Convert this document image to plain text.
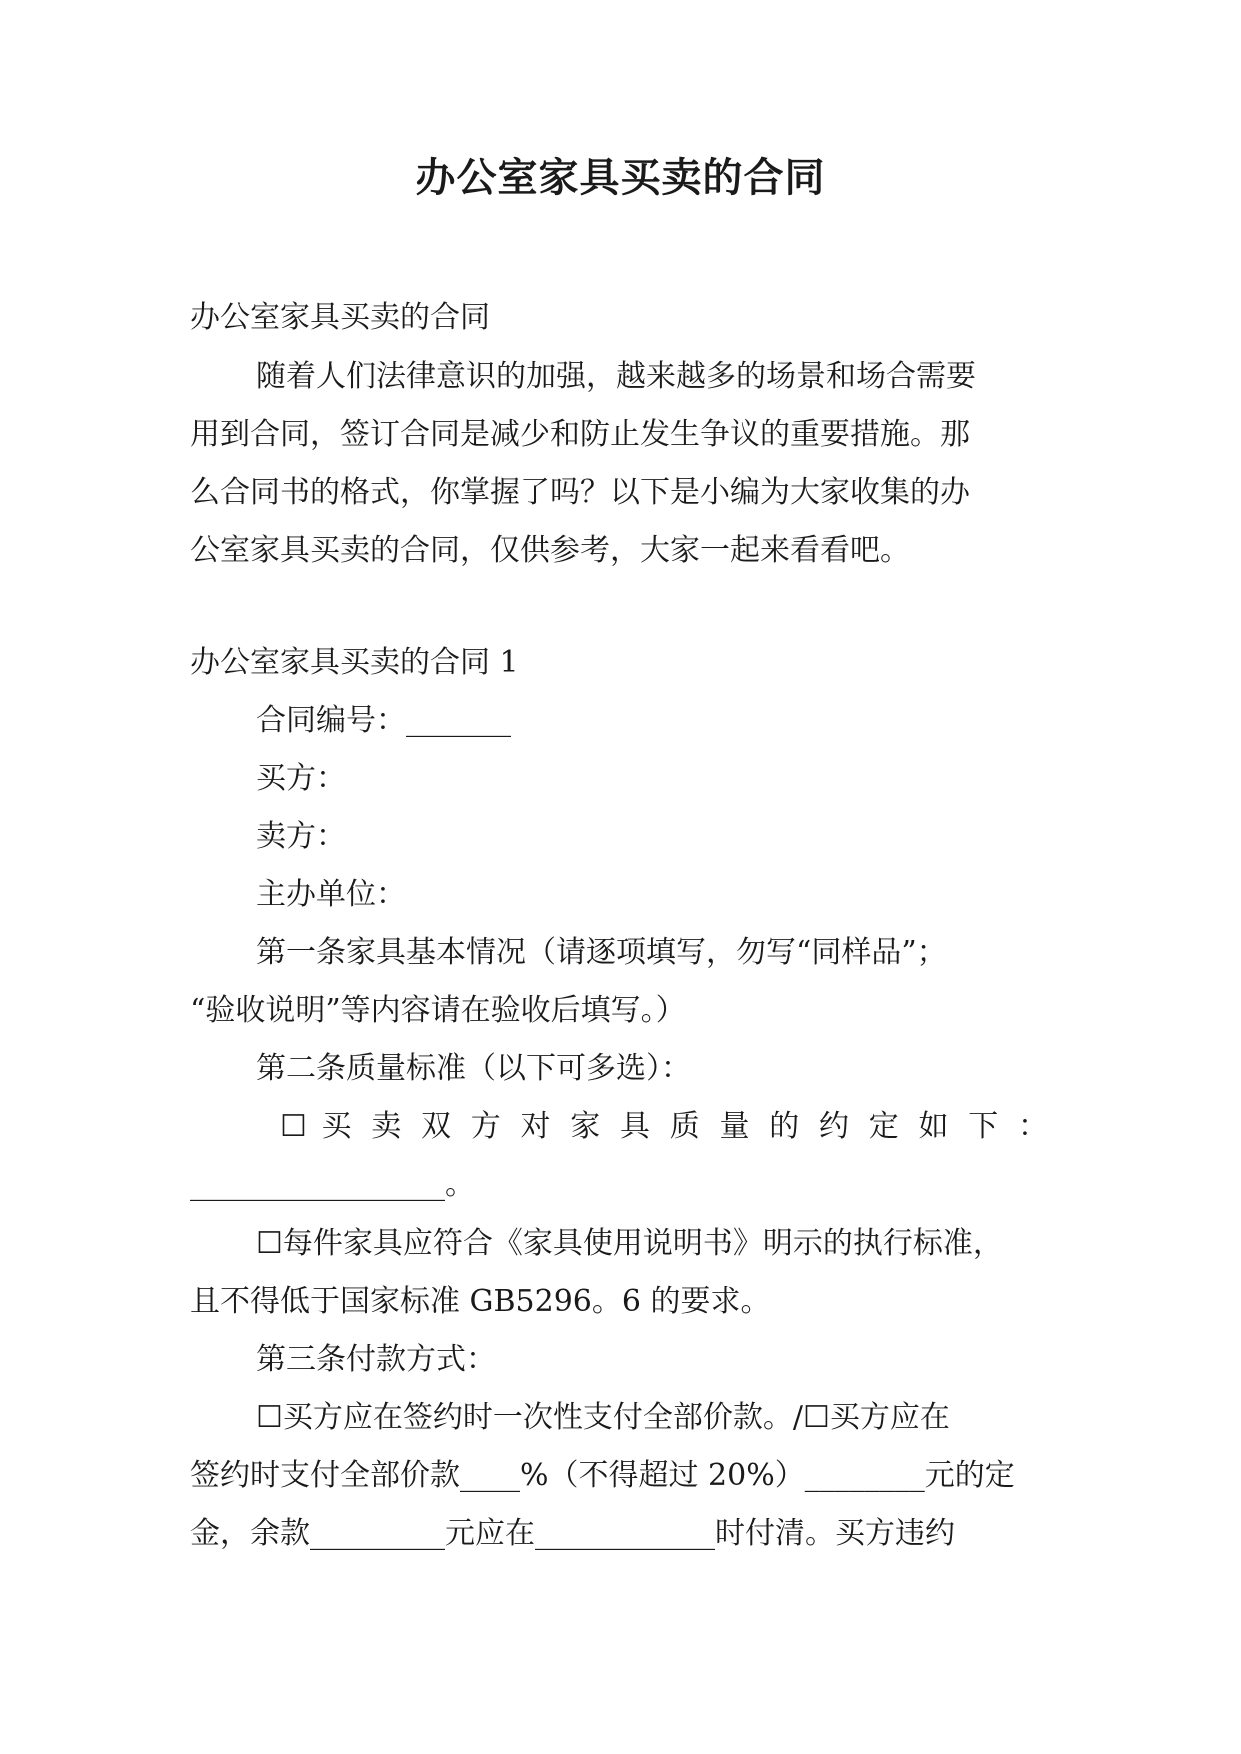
办公室家具买卖的合同

办公室家具买卖的合同

随着人们法律意识的加强，越来越多的场景和场合需要

用到合同，签订合同是减少和防止发生争议的重要措施。那

么合同书的格式，你掌握了吗？以下是小编为大家收集的办

公室家具买卖的合同，仅供参考，大家一起来看看吧。

办公室家具买卖的合同 1

合同编号：_______

买方：

卖方：

主办单位：

第一条家具基本情况（请逐项填写，勿写“同样品”；

“验收说明”等内容请在验收后填写。）

第二条质量标准（以下可多选）：

☐ 买 卖 双 方 对 家 具 质 量 的 约 定 如 下 ：

_________________。

☐每件家具应符合《家具使用说明书》明示的执行标准，

且不得低于国家标准 GB5296。6 的要求。

第三条付款方式：

☐买方应在签约时一次性支付全部价款。/☐买方应在

签约时支付全部价款____%（不得超过 20%）________元的定

金，余款_________元应在____________时付清。买方违约
